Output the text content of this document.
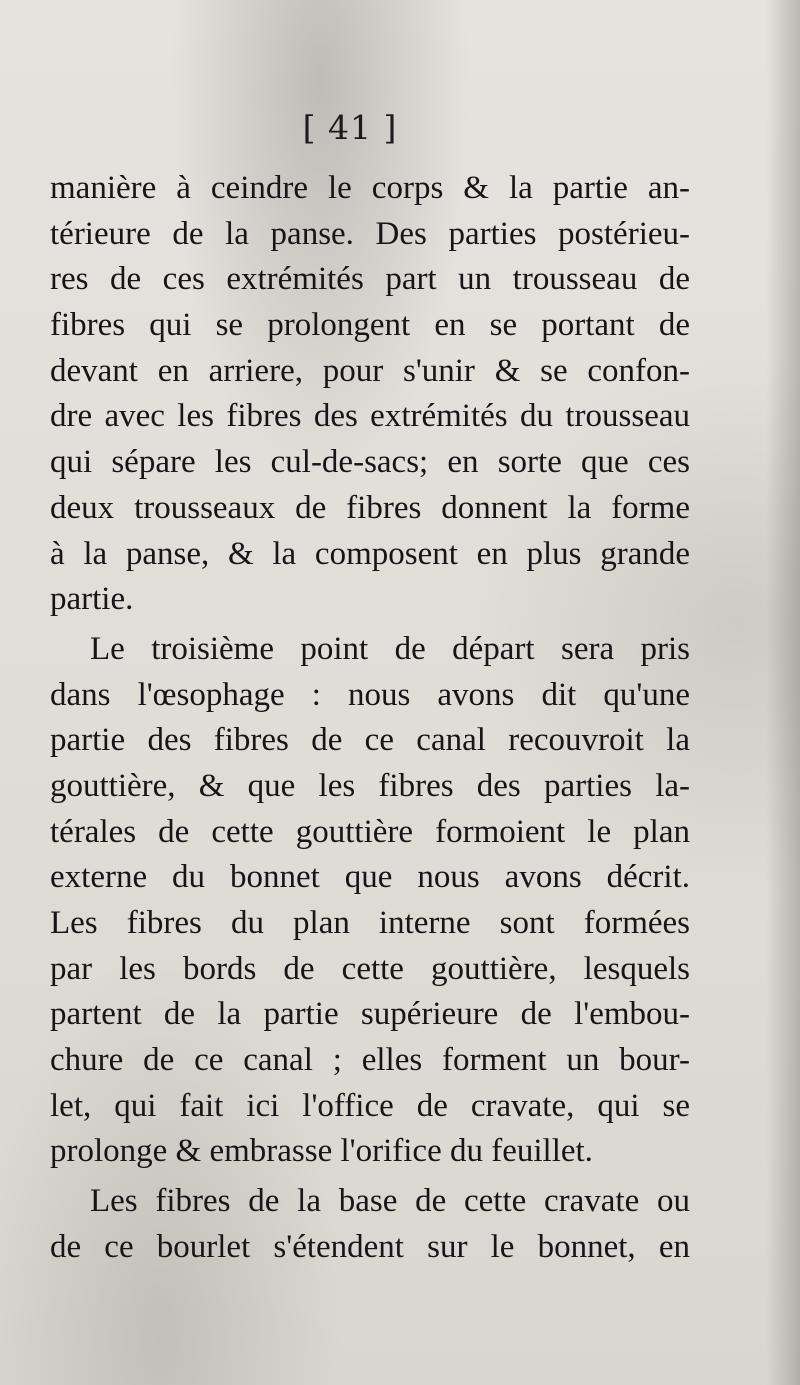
[ 41 ]
manière à ceindre le corps & la partie an-
térieure de la panse. Des parties postérieu-
res de ces extrémités part un trousseau de
fibres qui se prolongent en se portant de
devant en arriere, pour s'unir & se confon-
dre avec les fibres des extrémités du trousseau
qui sépare les cul-de-sacs; en sorte que ces
deux trousseaux de fibres donnent la forme
à la panse, & la composent en plus grande
partie.
Le troisième point de départ sera pris
dans l'œsophage : nous avons dit qu'une
partie des fibres de ce canal recouvroit la
gouttière, & que les fibres des parties la-
térales de cette gouttière formoient le plan
externe du bonnet que nous avons décrit.
Les fibres du plan interne sont formées
par les bords de cette gouttière, lesquels
partent de la partie supérieure de l'embou-
chure de ce canal ; elles forment un bour-
let, qui fait ici l'office de cravate, qui se
prolonge & embrasse l'orifice du feuillet.
Les fibres de la base de cette cravate ou
de ce bourlet s'étendent sur le bonnet, en
